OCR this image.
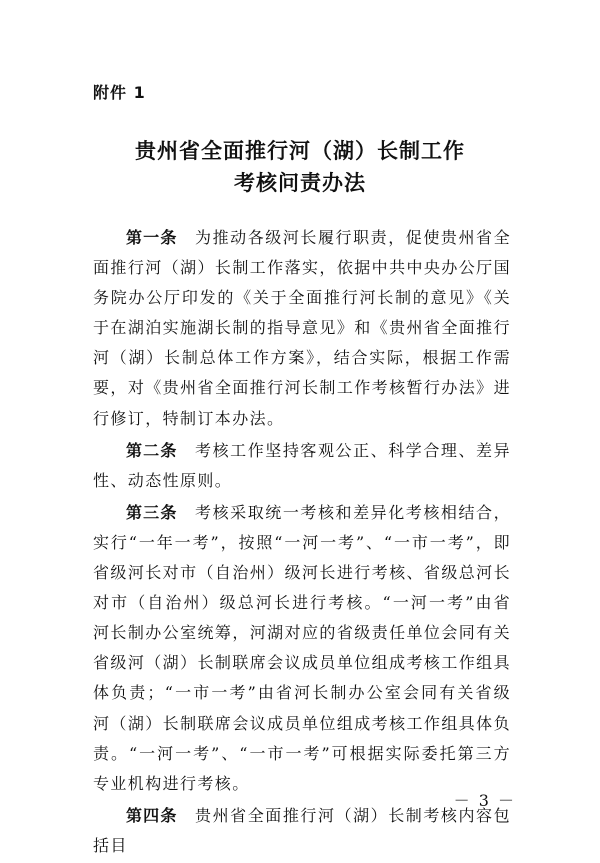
附件 1
贵州省全面推行河（湖）长制工作
考核问责办法

第一条　 为推动各级河长履行职责，促使贵州省全面推行河（湖）长制工作落实，依据中共中央办公厅国务院办公厅印发的《关于全面推行河长制的意见》《关于在湖泊实施湖长制的指导意见》和《贵州省全面推行河（湖）长制总体工作方案》，结合实际，根据工作需要，对《贵州省全面推行河长制工作考核暂行办法》进行修订，特制订本办法。

第二条　 考核工作坚持客观公正、科学合理、差异性、动态性原则。

第三条　 考核采取统一考核和差异化考核相结合，实行“一年一考”，按照“一河一考”、“一市一考”，即省级河长对市（自治州）级河长进行考核、省级总河长对市（自治州）级总河长进行考核。“一河一考”由省河长制办公室统筹，河湖对应的省级责任单位会同有关省级河（湖）长制联席会议成员单位组成考核工作组具体负责；“一市一考”由省河长制办公室会同有关省级河（湖）长制联席会议成员单位组成考核工作组具体负责。“一河一考”、“一市一考”可根据实际委托第三方专业机构进行考核。

第四条　 贵州省全面推行河（湖）长制考核内容包括目

－ 3 －
